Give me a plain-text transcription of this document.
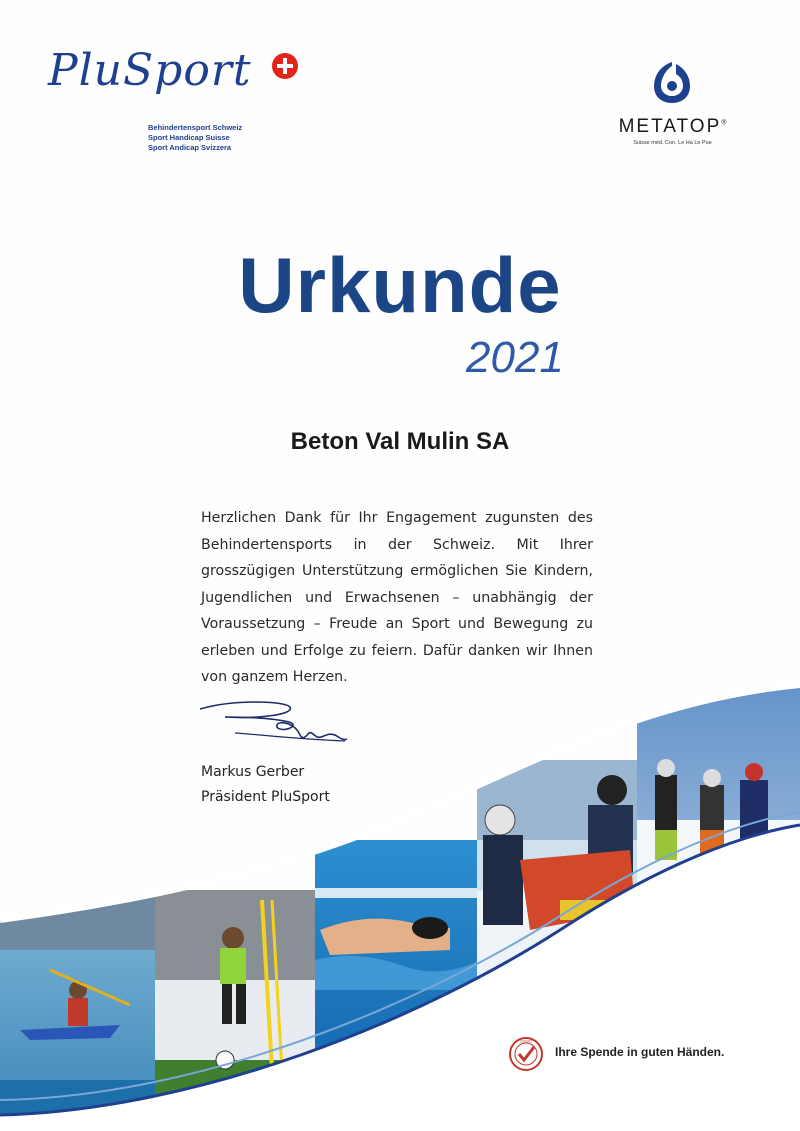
PluSport
Behindertensport Schweiz
Sport Handicap Suisse
Sport Andicap Svizzera
METATOP®
Suisse méd. Con. Le Ha Le Pue
Urkunde
2021
Beton Val Mulin SA
Herzlichen Dank für Ihr Engagement zugunsten des Behindertensports in der Schweiz. Mit Ihrer grosszügigen Unterstützung ermöglichen Sie Kindern, Jugendlichen und Erwachsenen – unabhängig der Voraussetzung – Freude an Sport und Bewegung zu erleben und Erfolge zu feiern. Dafür danken wir Ihnen von ganzem Herzen.
Markus Gerber
Präsident PluSport
ZEWO
Ihre Spende in guten Händen.
